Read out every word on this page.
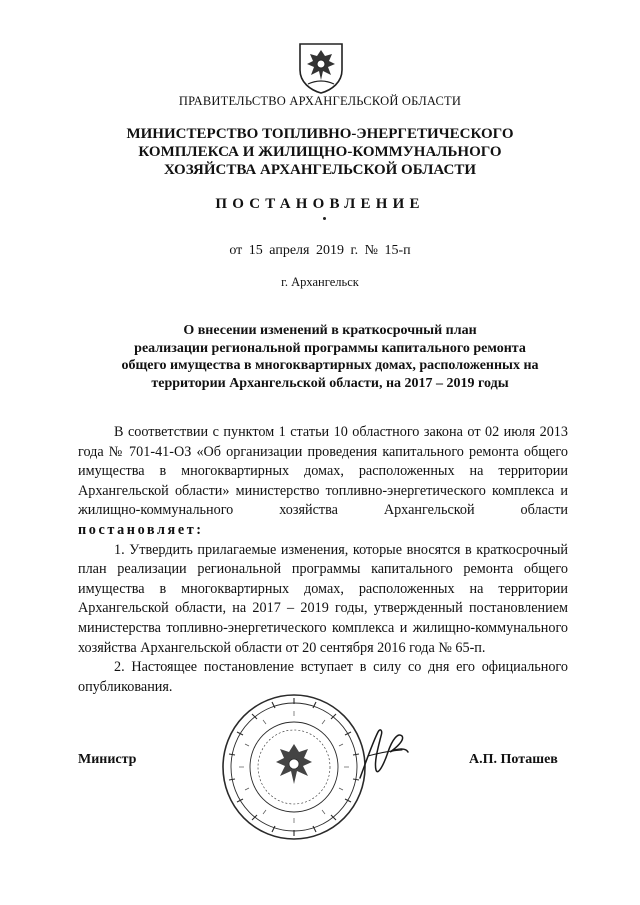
ПРАВИТЕЛЬСТВО АРХАНГЕЛЬСКОЙ ОБЛАСТИ
МИНИСТЕРСТВО ТОПЛИВНО-ЭНЕРГЕТИЧЕСКОГО
КОМПЛЕКСА И ЖИЛИЩНО-КОММУНАЛЬНОГО
ХОЗЯЙСТВА АРХАНГЕЛЬСКОЙ ОБЛАСТИ
ПОСТАНОВЛЕНИЕ
от 15 апреля 2019 г. № 15-п
г. Архангельск
О внесении изменений в краткосрочный план
реализации региональной программы капитального ремонта
общего имущества в многоквартирных домах, расположенных на
территории Архангельской области, на 2017 – 2019 годы

В соответствии с пунктом 1 статьи 10 областного закона от 02 июля 2013 года № 701-41-ОЗ «Об организации проведения капитального ремонта общего имущества в многоквартирных домах, расположенных на территории Архангельской области» министерство топливно-энергетического комплекса и жилищно-коммунального хозяйства Архангельской области постановляет:

1. Утвердить прилагаемые изменения, которые вносятся в краткосрочный план реализации региональной программы капитального ремонта общего имущества в многоквартирных домах, расположенных на территории Архангельской области, на 2017 – 2019 годы, утвержденный постановлением министерства топливно-энергетического комплекса и жилищно-коммунального хозяйства Архангельской области от 20 сентября 2016 года № 65-п.

2. Настоящее постановление вступает в силу со дня его официального опубликования.

Министр	А.П. Поташев
